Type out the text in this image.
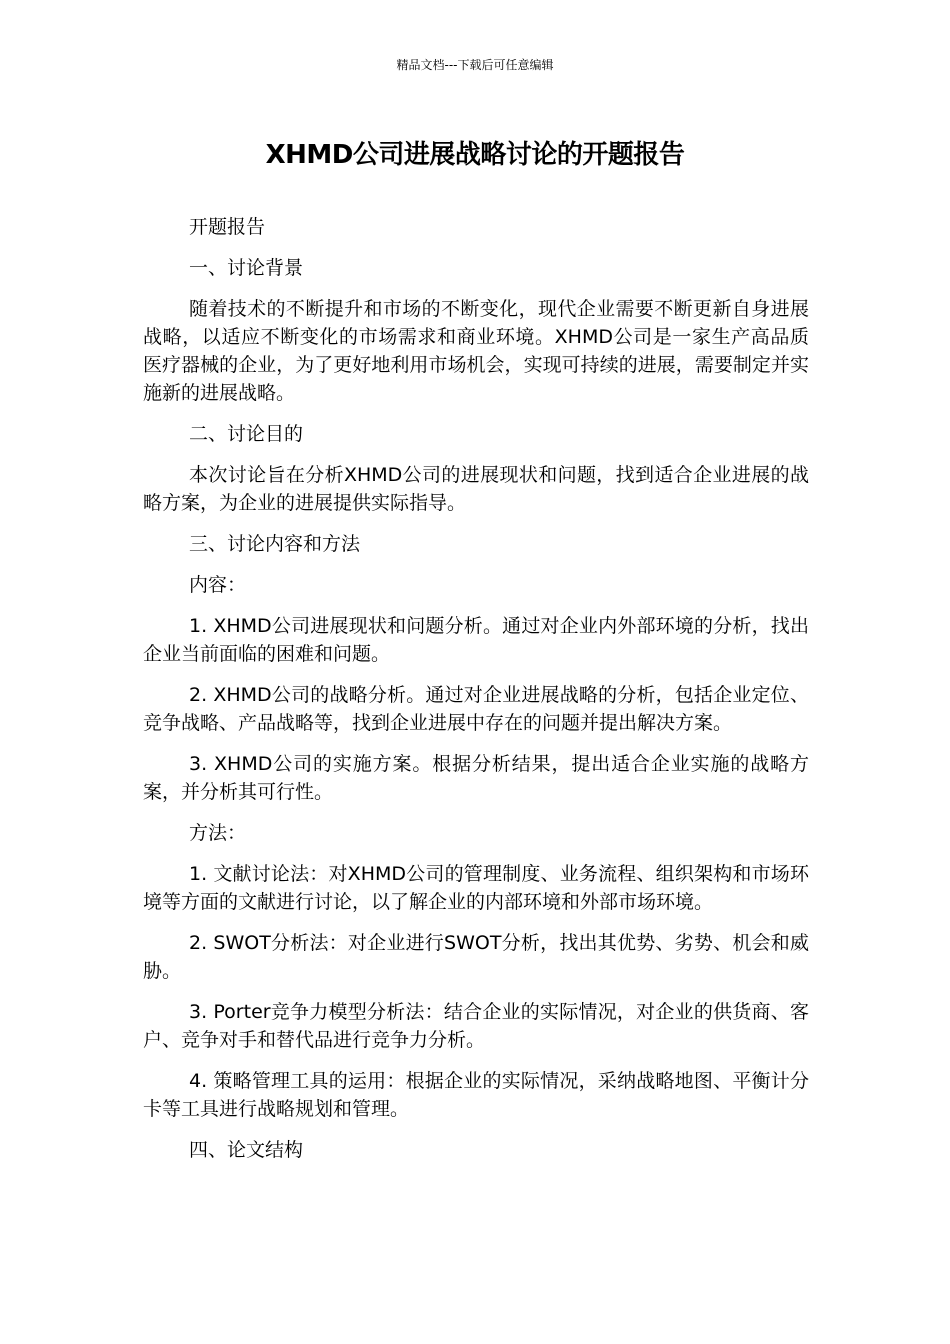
精品文档---下载后可任意编辑
XHMD公司进展战略讨论的开题报告

开题报告

一、讨论背景

随着技术的不断提升和市场的不断变化，现代企业需要不断更新自身进展战略，以适应不断变化的市场需求和商业环境。XHMD公司是一家生产高品质医疗器械的企业，为了更好地利用市场机会，实现可持续的进展，需要制定并实施新的进展战略。

二、讨论目的

本次讨论旨在分析XHMD公司的进展现状和问题，找到适合企业进展的战略方案，为企业的进展提供实际指导。

三、讨论内容和方法

内容：

1. XHMD公司进展现状和问题分析。通过对企业内外部环境的分析，找出企业当前面临的困难和问题。

2. XHMD公司的战略分析。通过对企业进展战略的分析，包括企业定位、竞争战略、产品战略等，找到企业进展中存在的问题并提出解决方案。

3. XHMD公司的实施方案。根据分析结果，提出适合企业实施的战略方案，并分析其可行性。

方法：

1. 文献讨论法：对XHMD公司的管理制度、业务流程、组织架构和市场环境等方面的文献进行讨论，以了解企业的内部环境和外部市场环境。

2. SWOT分析法：对企业进行SWOT分析，找出其优势、劣势、机会和威胁。

3. Porter竞争力模型分析法：结合企业的实际情况，对企业的供货商、客户、竞争对手和替代品进行竞争力分析。

4. 策略管理工具的运用：根据企业的实际情况，采纳战略地图、平衡计分卡等工具进行战略规划和管理。

四、论文结构
